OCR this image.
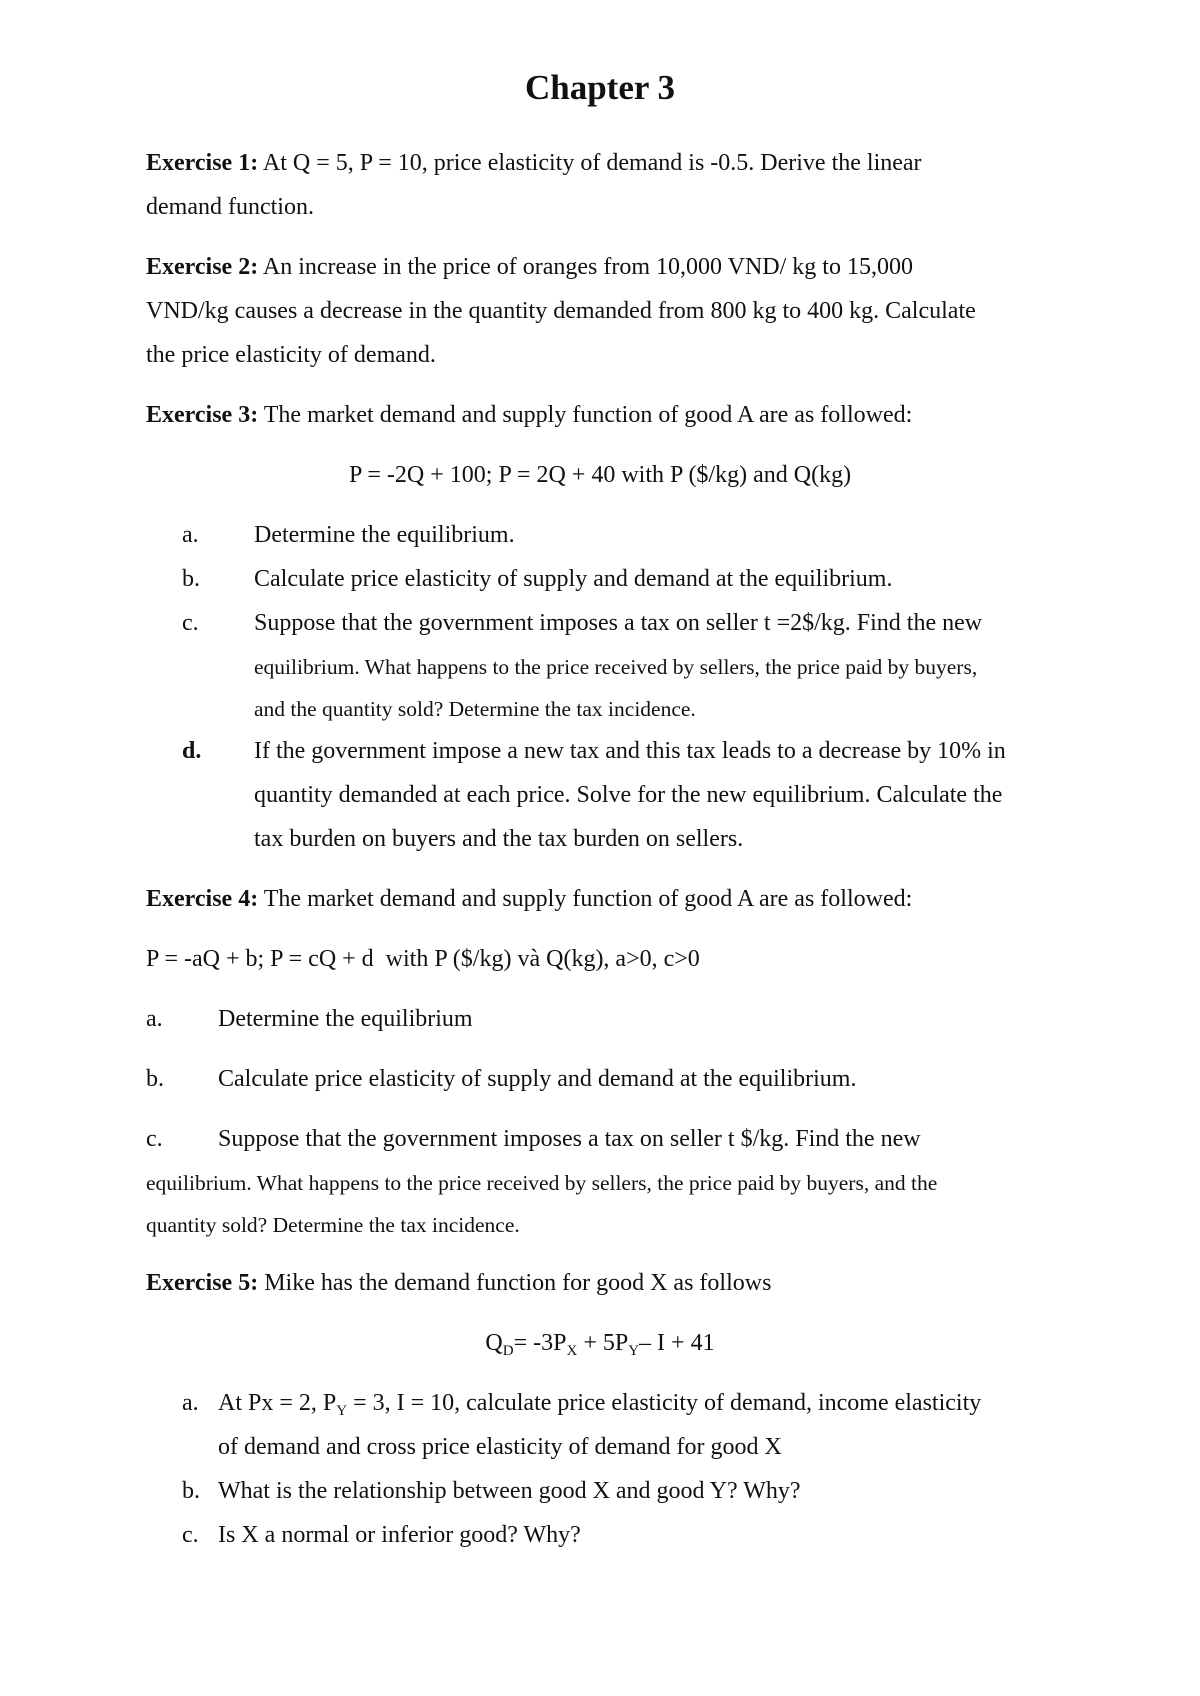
Chapter 3
Exercise 1: At Q = 5, P = 10, price elasticity of demand is -0.5. Derive the linear
demand function.
Exercise 2: An increase in the price of oranges from 10,000 VND/ kg to 15,000
VND/kg causes a decrease in the quantity demanded from 800 kg to 400 kg. Calculate
the price elasticity of demand.
Exercise 3: The market demand and supply function of good A are as followed:
P = -2Q + 100; P = 2Q + 40 with P ($/kg) and Q(kg)
a. Determine the equilibrium.
b. Calculate price elasticity of supply and demand at the equilibrium.
c. Suppose that the government imposes a tax on seller t =2$/kg. Find the new
equilibrium. What happens to the price received by sellers, the price paid by buyers,
and the quantity sold? Determine the tax incidence.
d. If the government impose a new tax and this tax leads to a decrease by 10% in
quantity demanded at each price. Solve for the new equilibrium. Calculate the
tax burden on buyers and the tax burden on sellers.
Exercise 4: The market demand and supply function of good A are as followed:
P = -aQ + b; P = cQ + d  with P ($/kg) và Q(kg), a>0, c>0
a. Determine the equilibrium
b. Calculate price elasticity of supply and demand at the equilibrium.
c. Suppose that the government imposes a tax on seller t $/kg. Find the new
equilibrium. What happens to the price received by sellers, the price paid by buyers, and the
quantity sold? Determine the tax incidence.
Exercise 5: Mike has the demand function for good X as follows
$Q_D= -3P_X + 5P_Y-$ I + 41
a. At Px = 2, $P_Y = 3$, I = 10, calculate price elasticity of demand, income elasticity
of demand and cross price elasticity of demand for good X
b. What is the relationship between good X and good Y? Why?
c. Is X a normal or inferior good? Why?
